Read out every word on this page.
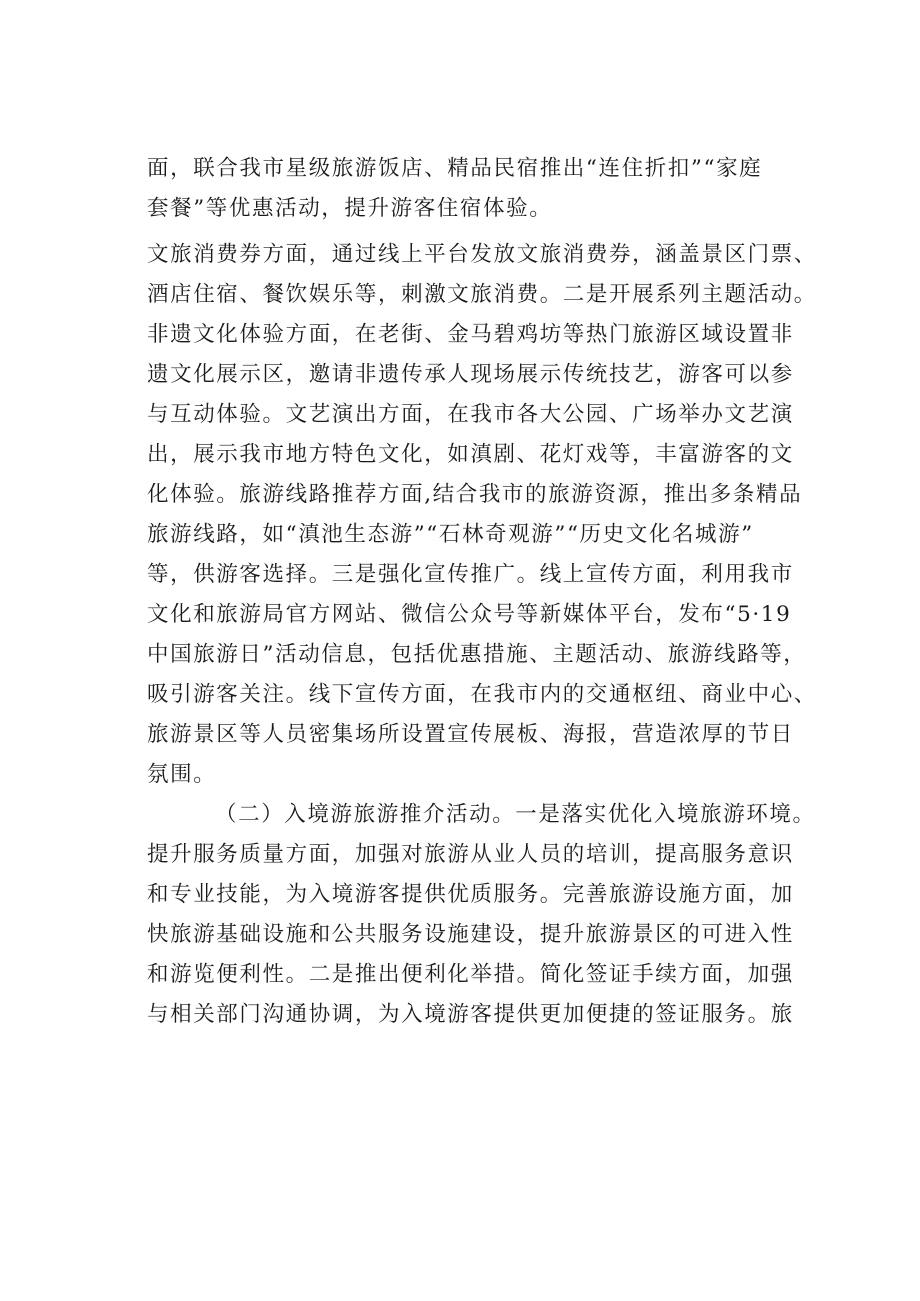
面，联合我市星级旅游饭店、精品民宿推出“连住折扣”“家庭
套餐”等优惠活动，提升游客住宿体验。
文旅消费券方面，通过线上平台发放文旅消费券，涵盖景区门票、
酒店住宿、餐饮娱乐等，刺激文旅消费。二是开展系列主题活动。
非遗文化体验方面，在老街、金马碧鸡坊等热门旅游区域设置非
遗文化展示区，邀请非遗传承人现场展示传统技艺，游客可以参
与互动体验。文艺演出方面，在我市各大公园、广场举办文艺演
出，展示我市地方特色文化，如滇剧、花灯戏等，丰富游客的文
化体验。旅游线路推荐方面,结合我市的旅游资源，推出多条精品
旅游线路，如“滇池生态游”“石林奇观游”“历史文化名城游”
等，供游客选择。三是强化宣传推广。线上宣传方面，利用我市
文化和旅游局官方网站、微信公众号等新媒体平台，发布“5·19
中国旅游日”活动信息，包括优惠措施、主题活动、旅游线路等，
吸引游客关注。线下宣传方面，在我市内的交通枢纽、商业中心、
旅游景区等人员密集场所设置宣传展板、海报，营造浓厚的节日
氛围。
（二）入境游旅游推介活动。一是落实优化入境旅游环境。
提升服务质量方面，加强对旅游从业人员的培训，提高服务意识
和专业技能，为入境游客提供优质服务。完善旅游设施方面，加
快旅游基础设施和公共服务设施建设，提升旅游景区的可进入性
和游览便利性。二是推出便利化举措。简化签证手续方面，加强
与相关部门沟通协调，为入境游客提供更加便捷的签证服务。旅
